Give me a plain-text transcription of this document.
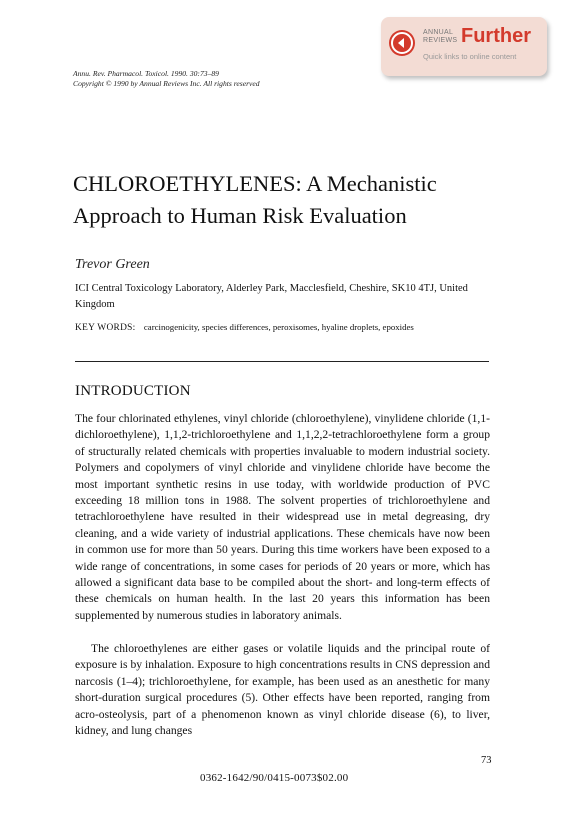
ANNUAL
REVIEWS Further
Quick links to online content
Annu. Rev. Pharmacol. Toxicol. 1990. 30:73–89
Copyright © 1990 by Annual Reviews Inc. All rights reserved
CHLOROETHYLENES: A Mechanistic
Approach to Human Risk Evaluation
Trevor Green
ICI Central Toxicology Laboratory, Alderley Park, Macclesfield, Cheshire, SK10 4TJ, United Kingdom
KEY WORDS: carcinogenicity, species differences, peroxisomes, hyaline droplets, epoxides
INTRODUCTION
The four chlorinated ethylenes, vinyl chloride (chloroethylene), vinylidene chloride (1,1-dichloroethylene), 1,1,2-trichloroethylene and 1,1,2,2-tetrachloroethylene form a group of structurally related chemicals with properties invaluable to modern industrial society. Polymers and copolymers of vinyl chloride and vinylidene chloride have become the most important synthetic resins in use today, with worldwide production of PVC exceeding 18 million tons in 1988. The solvent properties of trichloroethylene and tetrachloroethylene have resulted in their widespread use in metal degreasing, dry cleaning, and a wide variety of industrial applications. These chemicals have now been in common use for more than 50 years. During this time workers have been exposed to a wide range of concentrations, in some cases for periods of 20 years or more, which has allowed a significant data base to be compiled about the short- and long-term effects of these chemicals on human health. In the last 20 years this information has been supplemented by numerous studies in laboratory animals.
The chloroethylenes are either gases or volatile liquids and the principal route of exposure is by inhalation. Exposure to high concentrations results in CNS depression and narcosis (1–4); trichloroethylene, for example, has been used as an anesthetic for many short-duration surgical procedures (5). Other effects have been reported, ranging from acro-osteolysis, part of a phenomenon known as vinyl chloride disease (6), to liver, kidney, and lung changes
73
0362-1642/90/0415-0073$02.00
